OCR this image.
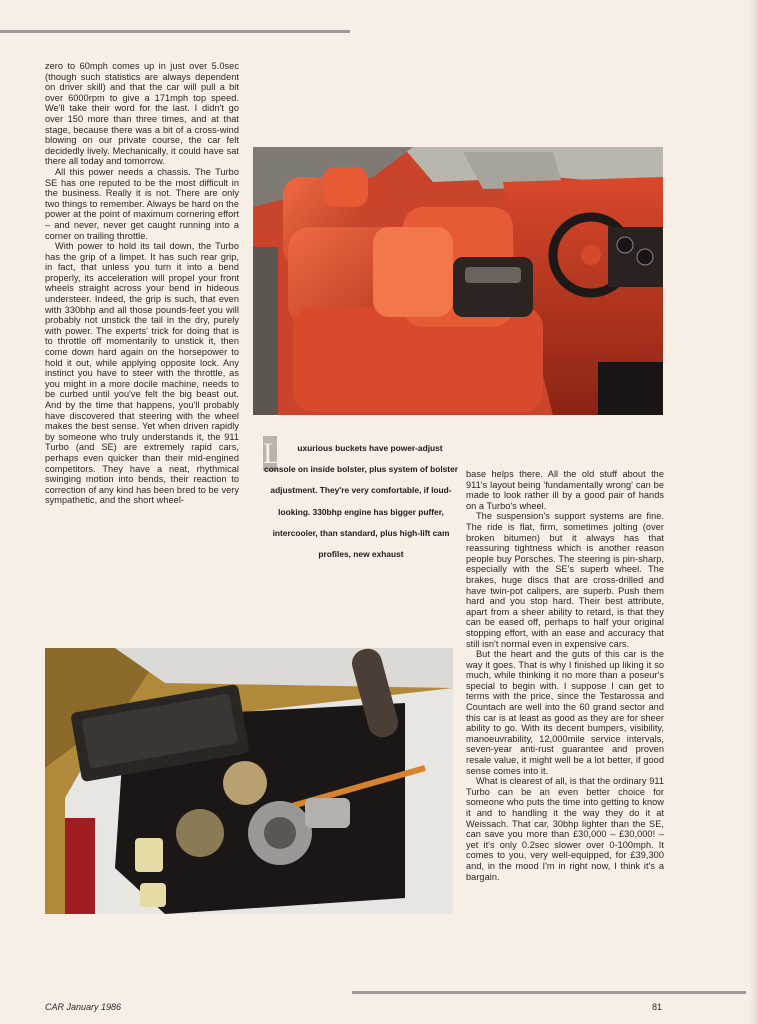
zero to 60mph comes up in just over 5.0sec (though such statistics are always dependent on driver skill) and that the car will pull a bit over 6000rpm to give a 171mph top speed. We'll take their word for the last. I didn't go over 150 more than three times, and at that stage, because there was a bit of a cross-wind blowing on our private course, the car felt decidedly lively. Mechanically, it could have sat there all today and tomorrow.

All this power needs a chassis. The Turbo SE has one reputed to be the most difficult in the business. Really it is not. There are only two things to remember. Always be hard on the power at the point of maximum cornering effort – and never, never get caught running into a corner on trailing throttle.

With power to hold its tail down, the Turbo has the grip of a limpet. It has such rear grip, in fact, that unless you turn it into a bend properly, its acceleration will propel your front wheels straight across your bend in hideous understeer. Indeed, the grip is such, that even with 330bhp and all those pounds-feet you will probably not unstick the tail in the dry, purely with power. The experts' trick for doing that is to throttle off momentarily to unstick it, then come down hard again on the horsepower to hold it out, while applying opposite lock. Any instinct you have to steer with the throttle, as you might in a more docile machine, needs to be curbed until you've felt the big beast out. And by the time that happens, you'll probably have discovered that steering with the wheel makes the best sense. Yet when driven rapidly by someone who truly understands it, the 911 Turbo (and SE) are extremely rapid cars, perhaps even quicker than their mid-engined competitors. They have a neat, rhythmical swinging motion into bends, their reaction to correction of any kind has been bred to be very sympathetic, and the short wheel-

L	uxurious buckets have power-adjust console on inside bolster, plus system of bolster adjustment. They're very comfortable, if loud-looking. 330bhp engine has bigger puffer, intercooler, than standard, plus high-lift cam profiles, new exhaust

base helps there. All the old stuff about the 911's layout being 'fundamentally wrong' can be made to look rather ill by a good pair of hands on a Turbo's wheel.

The suspension's support systems are fine. The ride is flat, firm, sometimes jolting (over broken bitumen) but it always has that reassuring tightness which is another reason people buy Porsches. The steering is pin-sharp, especially with the SE's superb wheel. The brakes, huge discs that are cross-drilled and have twin-pot calipers, are superb. Push them hard and you stop hard. Their best attribute, apart from a sheer ability to retard, is that they can be eased off, perhaps to half your original stopping effort, with an ease and accuracy that still isn't normal even in expensive cars.

But the heart and the guts of this car is the way it goes. That is why I finished up liking it so much, while thinking it no more than a poseur's special to begin with. I suppose I can get to terms with the price, since the Testarossa and Countach are well into the 60 grand sector and this car is at least as good as they are for sheer ability to go. With its decent bumpers, visibility, manoeuvrability, 12,000mile service intervals, seven-year anti-rust guarantee and proven resale value, it might well be a lot better, if good sense comes into it.

What is clearest of all, is that the ordinary 911 Turbo can be an even better choice for someone who puts the time into getting to know it and to handling it the way they do it at Weissach. That car, 30bhp lighter than the SE, can save you more than £30,000 – £30,000! – yet it's only 0.2sec slower over 0-100mph. It comes to you, very well-equipped, for £39,300 and, in the mood I'm in right now, I think it's a bargain.

CAR January 1986	81
